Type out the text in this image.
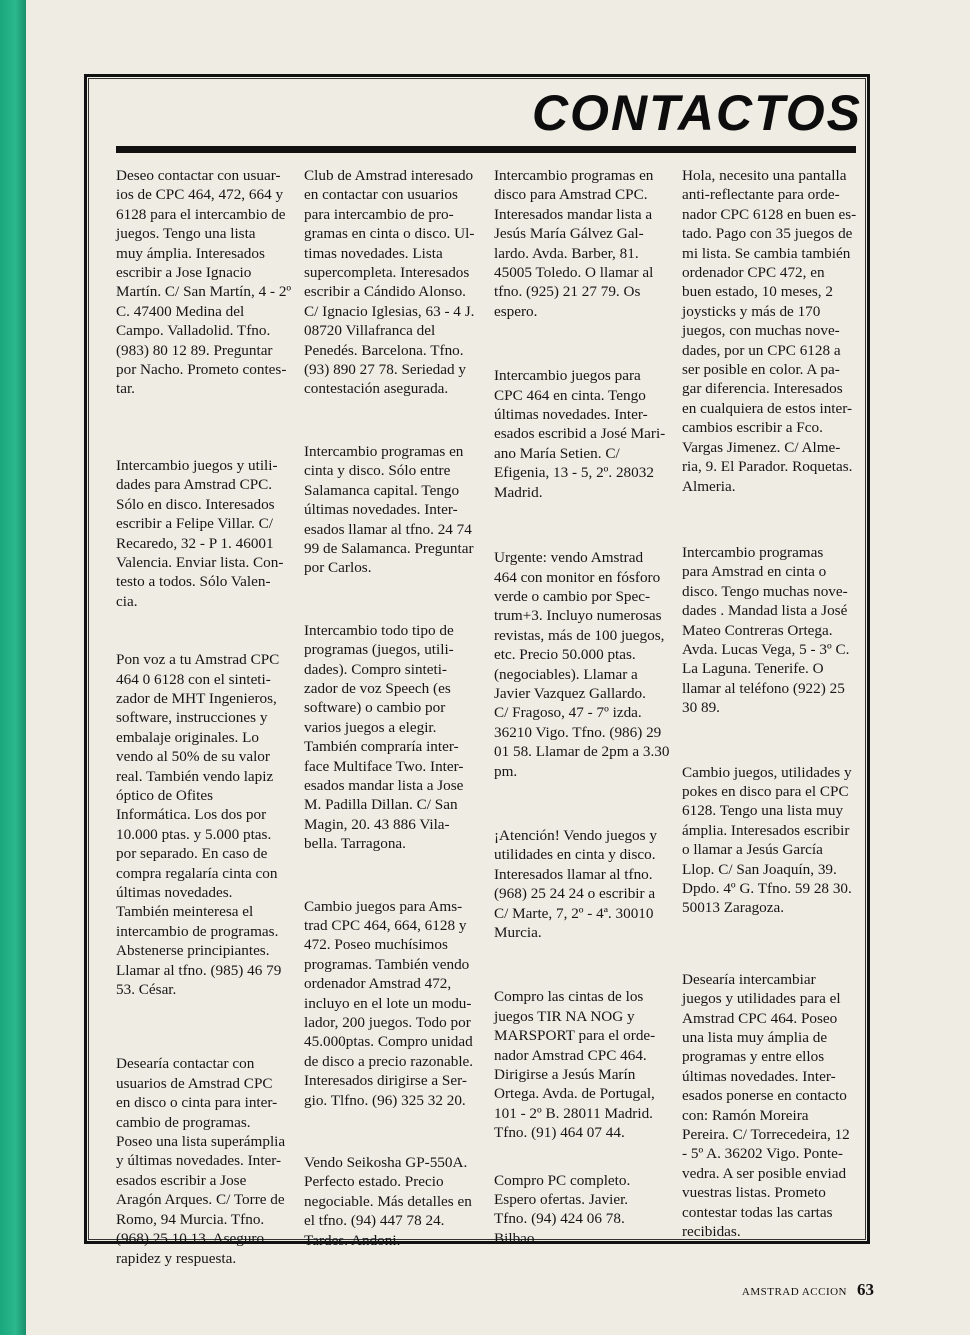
CONTACTOS

Deseo contactar con usuar-
ios de CPC 464, 472, 664 y
6128 para el intercambio de
juegos. Tengo una lista
muy ámplia. Interesados
escribir a Jose Ignacio
Martín. C/ San Martín, 4 - 2º
C. 47400 Medina del
Campo. Valladolid. Tfno.
(983) 80 12 89. Preguntar
por Nacho. Prometo contes-
tar.

Intercambio juegos y utili-
dades para Amstrad CPC.
Sólo en disco. Interesados
escribir a Felipe Villar. C/
Recaredo, 32 - P 1. 46001
Valencia. Enviar lista. Con-
testo a todos. Sólo Valen-
cia.

Pon voz a tu Amstrad CPC
464 0 6128 con el sinteti-
zador de MHT Ingenieros,
software, instrucciones y
embalaje originales. Lo
vendo al 50% de su valor
real. También vendo lapiz
óptico de Ofites
Informática. Los dos por
10.000 ptas. y 5.000 ptas.
por separado. En caso de
compra regalaría cinta con
últimas novedades.
También meinteresa el
intercambio de programas.
Abstenerse principiantes.
Llamar al tfno. (985) 46 79
53. César.

Desearía contactar con
usuarios de Amstrad CPC
en disco o cinta para inter-
cambio de programas.
Poseo una lista superámplia
y últimas novedades. Inter-
esados escribir a Jose
Aragón Arques. C/ Torre de
Romo, 94 Murcia. Tfno.
(968) 25 10 13. Aseguro
rapidez y respuesta.

Club de Amstrad interesado
en contactar con usuarios
para intercambio de pro-
gramas en cinta o disco. Ul-
timas novedades. Lista
supercompleta. Interesados
escribir a Cándido Alonso.
C/ Ignacio Iglesias, 63 - 4 J.
08720 Villafranca del
Penedés. Barcelona. Tfno.
(93) 890 27 78. Seriedad y
contestación asegurada.

Intercambio programas en
cinta y disco. Sólo entre
Salamanca capital. Tengo
últimas novedades. Inter-
esados llamar al tfno. 24 74
99 de Salamanca. Preguntar
por Carlos.

Intercambio todo tipo de
programas (juegos, utili-
dades). Compro sinteti-
zador de voz Speech (es
software) o cambio por
varios juegos a elegir.
También compraría inter-
face Multiface Two. Inter-
esados mandar lista a Jose
M. Padilla Dillan. C/ San
Magin, 20. 43 886 Vila-
bella. Tarragona.

Cambio juegos para Ams-
trad CPC 464, 664, 6128 y
472. Poseo muchísimos
programas. También vendo
ordenador Amstrad 472,
incluyo en el lote un modu-
lador, 200 juegos. Todo por
45.000ptas. Compro unidad
de disco a precio razonable.
Interesados dirigirse a Ser-
gio. Tlfno. (96) 325 32 20.

Vendo Seikosha GP-550A.
Perfecto estado. Precio
negociable. Más detalles en
el tfno. (94) 447 78 24.
Tardes. Andoni.

Intercambio programas en
disco para Amstrad CPC.
Interesados mandar lista a
Jesús María Gálvez Gal-
lardo. Avda. Barber, 81.
45005 Toledo. O llamar al
tfno. (925) 21 27 79. Os
espero.

Intercambio juegos para
CPC 464 en cinta. Tengo
últimas novedades. Inter-
esados escribid a José Mari-
ano María Setien. C/
Efigenia, 13 - 5, 2º. 28032
Madrid.

Urgente: vendo Amstrad
464 con monitor en fósforo
verde o cambio por Spec-
trum+3. Incluyo numerosas
revistas, más de 100 juegos,
etc. Precio 50.000 ptas.
(negociables). Llamar a
Javier Vazquez Gallardo.
C/ Fragoso, 47 - 7º izda.
36210 Vigo. Tfno. (986) 29
01 58. Llamar de 2pm a 3.30
pm.

¡Atención! Vendo juegos y
utilidades en cinta y disco.
Interesados llamar al tfno.
(968) 25 24 24 o escribir a
C/ Marte, 7, 2º - 4ª. 30010
Murcia.

Compro las cintas de los
juegos TIR NA NOG y
MARSPORT para el orde-
nador Amstrad CPC 464.
Dirigirse a Jesús Marín
Ortega. Avda. de Portugal,
101 - 2º B. 28011 Madrid.
Tfno. (91) 464 07 44.

Compro PC completo.
Espero ofertas. Javier.
Tfno. (94) 424 06 78.
Bilbao.

Hola, necesito una pantalla
anti-reflectante para orde-
nador CPC 6128 en buen es-
tado. Pago con 35 juegos de
mi lista. Se cambia también
ordenador CPC 472, en
buen estado, 10 meses, 2
joysticks y más de 170
juegos, con muchas nove-
dades, por un CPC 6128 a
ser posible en color. A pa-
gar diferencia. Interesados
en cualquiera de estos inter-
cambios escribir a Fco.
Vargas Jimenez. C/ Alme-
ria, 9. El Parador. Roquetas.
Almeria.

Intercambio programas
para Amstrad en cinta o
disco. Tengo muchas nove-
dades . Mandad lista a José
Mateo Contreras Ortega.
Avda. Lucas Vega, 5 - 3º C.
La Laguna. Tenerife. O
llamar al teléfono (922) 25
30 89.

Cambio juegos, utilidades y
pokes en disco para el CPC
6128. Tengo una lista muy
ámplia. Interesados escribir
o llamar a Jesús García
Llop. C/ San Joaquín, 39.
Dpdo. 4º G. Tfno. 59 28 30.
50013 Zaragoza.

Desearía intercambiar
juegos y utilidades para el
Amstrad CPC 464. Poseo
una lista muy ámplia de
programas y entre ellos
últimas novedades. Inter-
esados ponerse en contacto
con: Ramón Moreira
Pereira. C/ Torrecedeira, 12
- 5º A. 36202 Vigo. Ponte-
vedra. A ser posible enviad
vuestras listas. Prometo
contestar todas las cartas
recibidas.

AMSTRAD ACCION 63
